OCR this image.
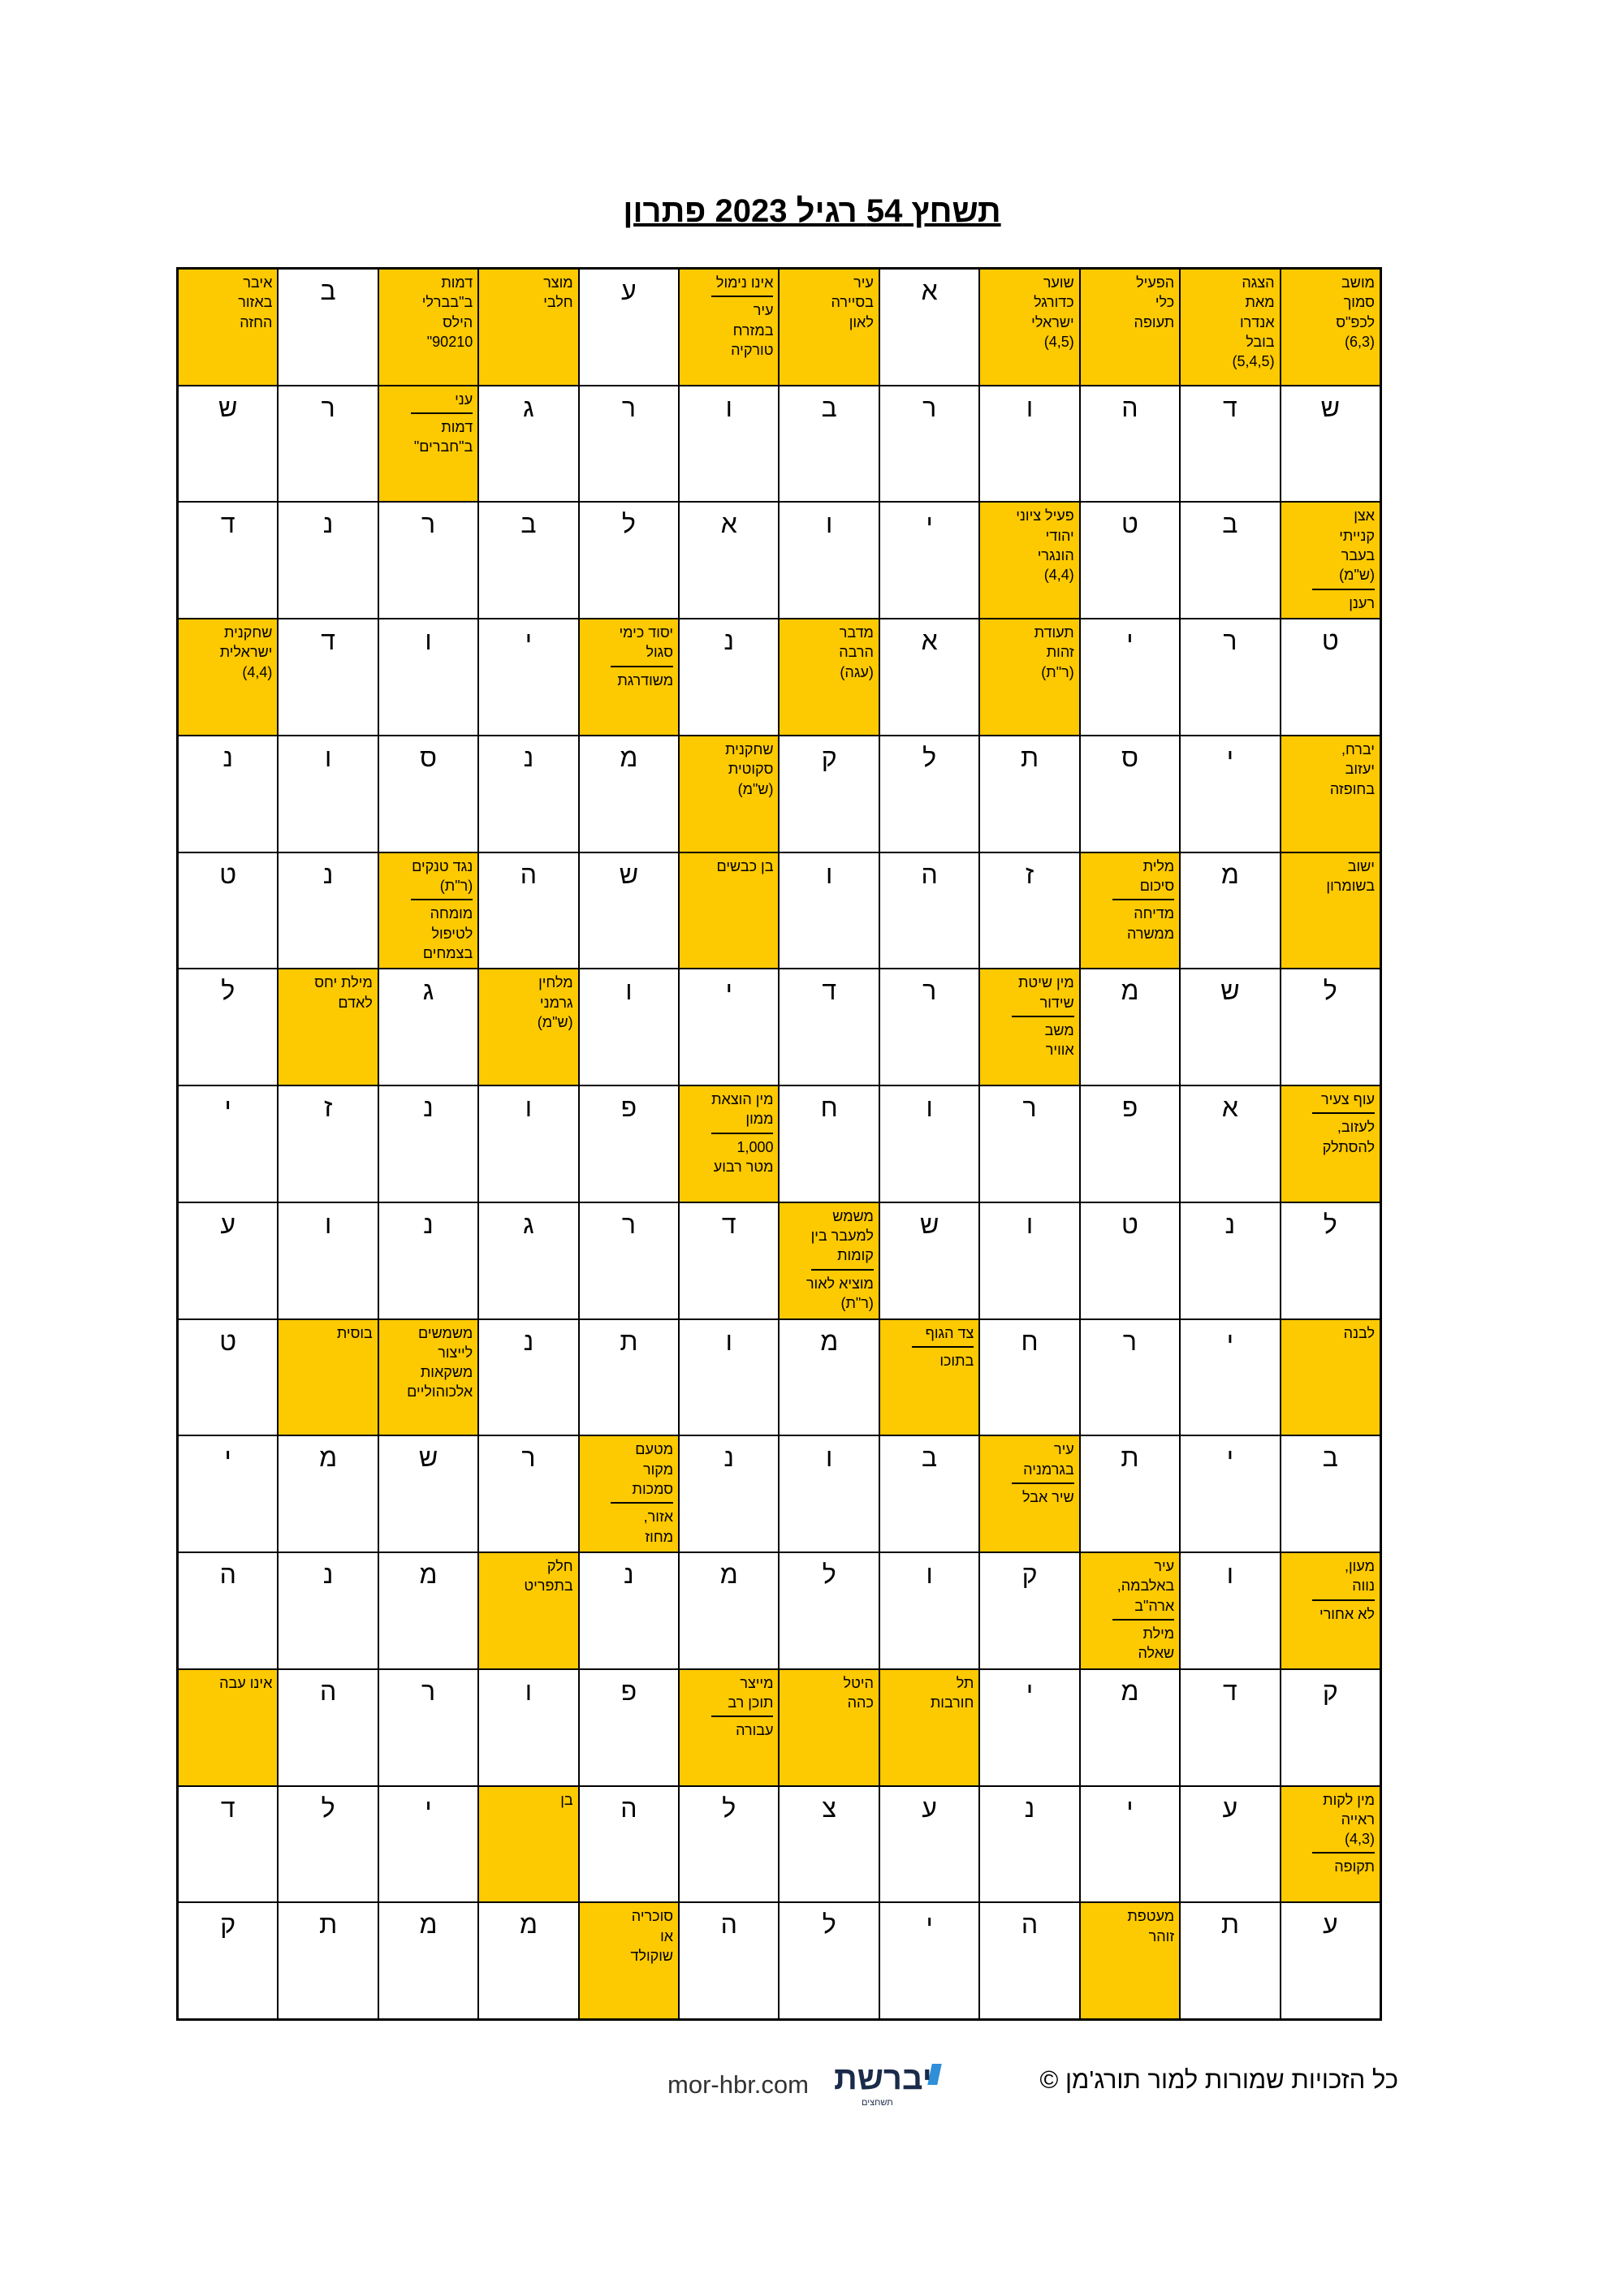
תשחץ 54 רגיל 2023 פתרון
מושב
סמוך
לכפ"ס
(6,3)
הצגה
מאת
אנדרו
בובל
(5,4,5)
הפעיל
כלי
תעופה
שוער
כדורגל
ישראלי
(4,5)
א
עיר
בסיירה
לאון
אינו נימול
עיר
במזרח
טורקיה
ע
מוצר
חלבי
דמות
ב"בברלי
הילס
90210"
ב
איבר
באזור
החזה
ש
ד
ה
ו
ר
ב
ו
ר
ג
עני
דמות
ב"חברים"
ר
ש
אצן
קנייתי
בעבר
(ש"מ)
רענן
ב
ט
פעיל ציוני
יהודי
הונגרי
(4,4)
י
ו
א
ל
ב
ר
נ
ד
ט
ר
י
תעודת
זהות
(ר"ת)
א
מדבר
הרבה
(עגה)
נ
יסוד כימי
סגול
משודרגת
י
ו
ד
שחקנית
ישראלית
(4,4)
יברח,
יעזוב
בחופזה
י
ס
ת
ל
ק
שחקנית
סקוטית
(ש"מ)
מ
נ
ס
ו
נ
ישוב
בשומרון
מ
מלית
סיכום
מדיחה
ממשרה
ז
ה
ו
בן כבשים
ש
ה
נגד טנקים
(ר"ת)
מומחה
לטיפול
בצמחים
נ
ט
ל
ש
מ
מין שיטת
שידור
משב
אוויר
ר
ד
י
ו
מלחין
גרמני
(ש"מ)
ג
מילת יחס
לאדם
ל
עוף צעיר
לעזוב,
להסתלק
א
פ
ר
ו
ח
מין הוצאת
ממון
1,000
מטר רבוע
פ
ו
נ
ז
י
ל
נ
ט
ו
ש
משמש
למעבר בין
קומות
מוציא לאור
(ר"ת)
ד
ר
ג
נ
ו
ע
לבנה
י
ר
ח
צד הגוף
בתוכו
מ
ו
ת
נ
משמשים
לייצור
משקאות
אלכוהוליים
בוסית
ט
ב
י
ת
עיר
בגרמניה
שיר אבל
ב
ו
נ
מטעם
מקור
סמכות
אזור,
מחוז
ר
ש
מ
י
מעון,
נווה
לא אחורי
ו
עיר
באלבמה,
ארה"ב
מילת
שאלה
ק
ו
ל
מ
נ
חלק
בתפריט
מ
נ
ה
ק
ד
מ
י
תל
חורבות
היטל
כהה
מייצר
תוכן רב
עבורה
פ
ו
ר
ה
אינו עבה
מין לקות
ראייה
(4,3)
תקופה
ע
י
נ
ע
צ
ל
ה
בן
י
ל
ד
ע
ת
מעטפת
זוהר
ה
י
ל
ה
סוכריה
או
שוקולד
מ
מ
ת
ק
כל הזכויות שמורות למור תורג'מן ©
יברשת
תשחצים
mor-hbr.com
